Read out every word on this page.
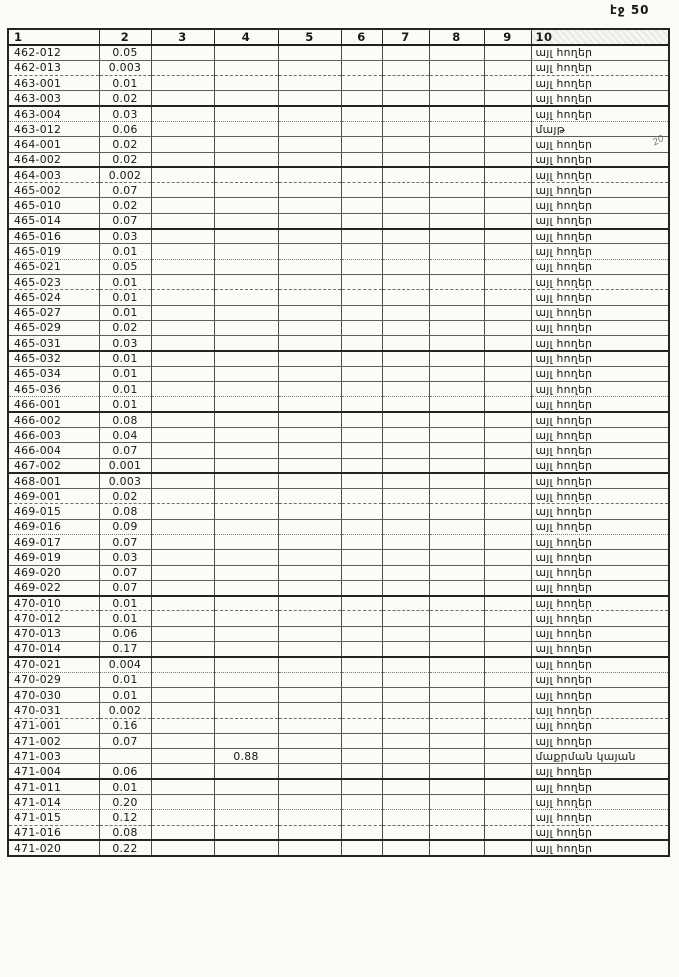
էջ 50
20
1	2	3	4	5	6	7	8	9	10
462-012	0.05								այլ հողեր
462-013	0.003								այլ հողեր
463-001	0.01								այլ հողեր
463-003	0.02								այլ հողեր
463-004	0.03								այլ հողեր
463-012	0.06								մայթ
464-001	0.02								այլ հողեր
464-002	0.02								այլ հողեր
464-003	0.002								այլ հողեր
465-002	0.07								այլ հողեր
465-010	0.02								այլ հողեր
465-014	0.07								այլ հողեր
465-016	0.03								այլ հողեր
465-019	0.01								այլ հողեր
465-021	0.05								այլ հողեր
465-023	0.01								այլ հողեր
465-024	0.01								այլ հողեր
465-027	0.01								այլ հողեր
465-029	0.02								այլ հողեր
465-031	0.03								այլ հողեր
465-032	0.01								այլ հողեր
465-034	0.01								այլ հողեր
465-036	0.01								այլ հողեր
466-001	0.01								այլ հողեր
466-002	0.08								այլ հողեր
466-003	0.04								այլ հողեր
466-004	0.07								այլ հողեր
467-002	0.001								այլ հողեր
468-001	0.003								այլ հողեր
469-001	0.02								այլ հողեր
469-015	0.08								այլ հողեր
469-016	0.09								այլ հողեր
469-017	0.07								այլ հողեր
469-019	0.03								այլ հողեր
469-020	0.07								այլ հողեր
469-022	0.07								այլ հողեր
470-010	0.01								այլ հողեր
470-012	0.01								այլ հողեր
470-013	0.06								այլ հողեր
470-014	0.17								այլ հողեր
470-021	0.004								այլ հողեր
470-029	0.01								այլ հողեր
470-030	0.01								այլ հողեր
470-031	0.002								այլ հողեր
471-001	0.16								այլ հողեր
471-002	0.07								այլ հողեր
471-003			0.88						մաքրման կայան
471-004	0.06								այլ հողեր
471-011	0.01								այլ հողեր
471-014	0.20								այլ հողեր
471-015	0.12								այլ հողեր
471-016	0.08								այլ հողեր
471-020	0.22								այլ հողեր
